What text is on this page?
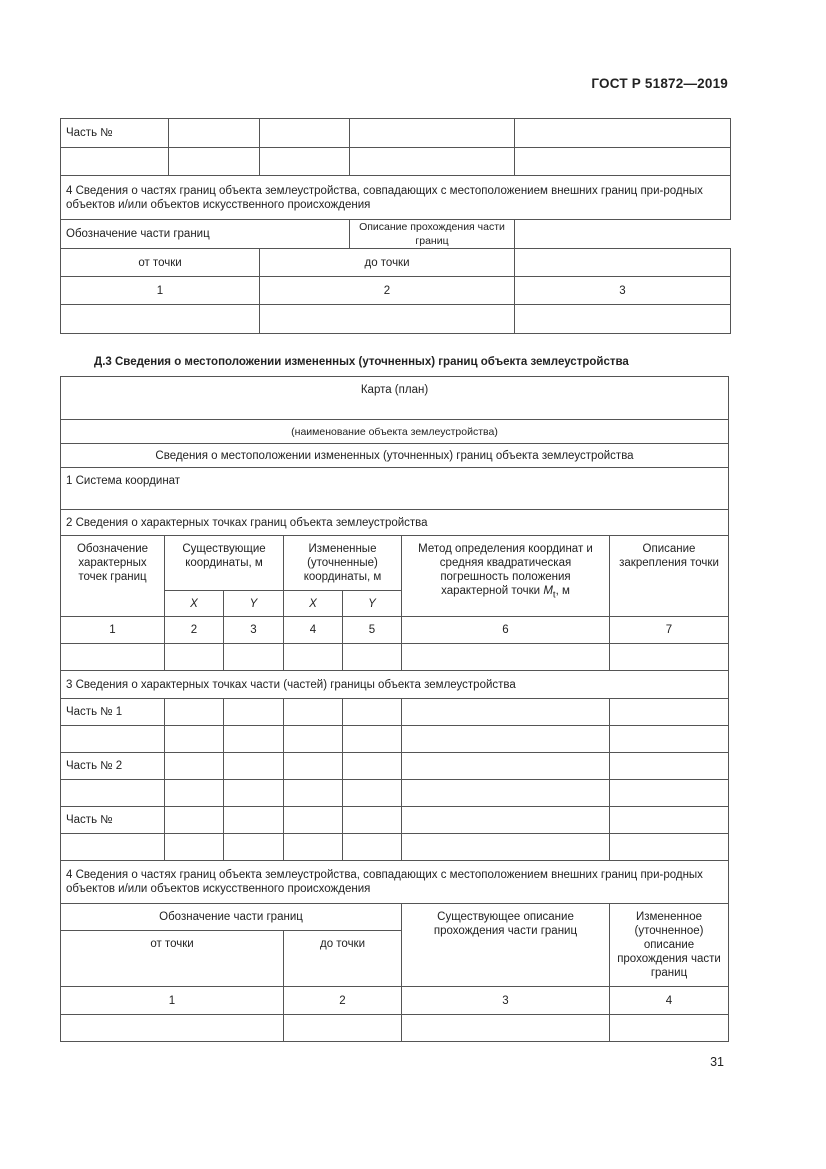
ГОСТ Р 51872—2019
Часть №				

4 Сведения о частях границ объекта землеустройства, совпадающих с местоположением внешних границ при-родных объектов и/или объектов искусственного происхождения				
Обозначение части границ			Описание прохождения части границ	
от точки		до точки		
1		2		3

Д.3 Сведения о местоположении измененных (уточненных) границ объекта землеустройства
Карта (план)						
(наименование объекта землеустройства)						
Сведения о местоположении измененных (уточненных) границ объекта землеустройства						
1 Система координат						
2 Сведения о характерных точках границ объекта землеустройства						
Обозначение характерных точек границ	Существующие координаты, м		Измененные (уточненные) координаты, м		Метод определения координат и средняя квадратическая погрешность положения характерной точки $M_t$, м	Описание закрепления точки
	X	Y	X	Y		
1	2	3	4	5	6	7

3 Сведения о характерных точках части (частей) границы объекта землеустройства						
Часть № 1						

Часть № 2						

Часть №						

4 Сведения о частях границ объекта землеустройства, совпадающих с местоположением внешних границ при-родных объектов и/или объектов искусственного происхождения						
Обозначение части границ					Существующее описание прохождения части границ	Измененное (уточненное) описание прохождения части границ
от точки			до точки			
1			2		3	4

31
